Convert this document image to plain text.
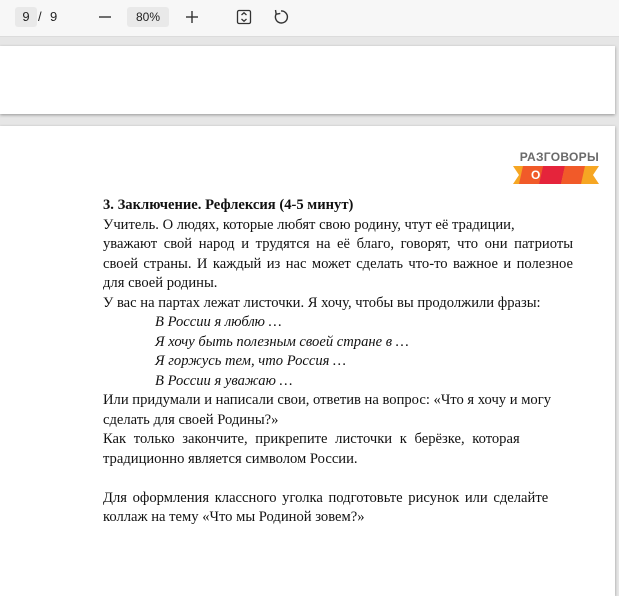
9 / 9	80%
РАЗГОВОРЫ
О ВАЖНОМ

3. Заключение. Рефлексия (4-5 минут)

Учитель. О людях, которые любят свою родину, чтут её традиции,

уважают свой народ и трудятся на её благо, говорят, что они патриоты своей страны. И каждый из нас может сделать что-то важное и полезное для своей родины.

У вас на партах лежат листочки. Я хочу, чтобы вы продолжили фразы:

В России я люблю …

Я хочу быть полезным своей стране в …

Я горжусь тем, что Россия …

В России я уважаю …

Или придумали и написали свои, ответив на вопрос: «Что я хочу и могу

сделать для своей Родины?»

Как только закончите, прикрепите листочки к берёзке, которая

традиционно является символом России.

Для оформления классного уголка подготовьте рисунок или сделайте

коллаж на тему «Что мы Родиной зовем?»
